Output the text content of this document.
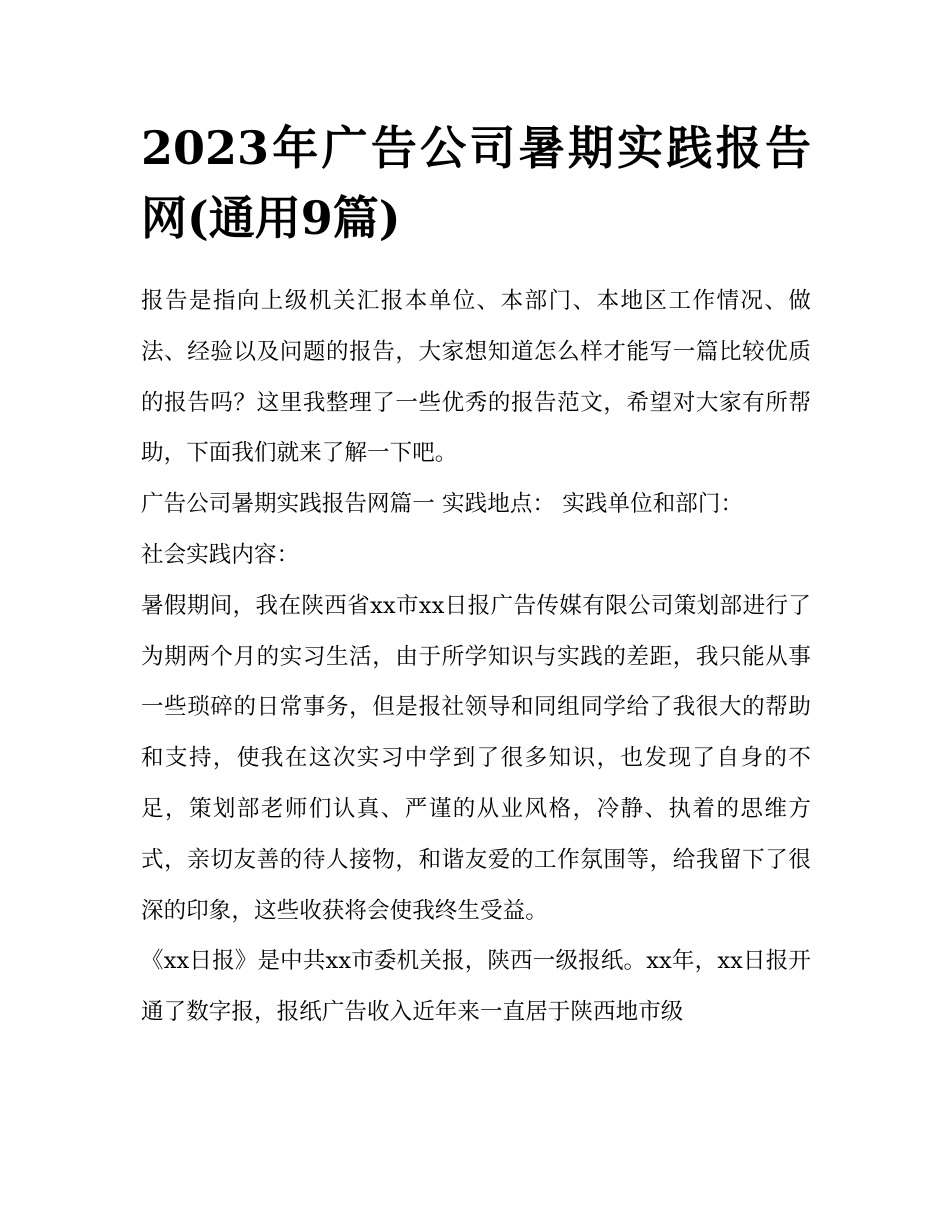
2023年广告公司暑期实践报告网(通用9篇)

报告是指向上级机关汇报本单位、本部门、本地区工作情况、做法、经验以及问题的报告，大家想知道怎么样才能写一篇比较优质的报告吗？这里我整理了一些优秀的报告范文，希望对大家有所帮助，下面我们就来了解一下吧。

广告公司暑期实践报告网篇一 实践地点： 实践单位和部门：

社会实践内容：

暑假期间，我在陕西省xx市xx日报广告传媒有限公司策划部进行了为期两个月的实习生活，由于所学知识与实践的差距，我只能从事一些琐碎的日常事务，但是报社领导和同组同学给了我很大的帮助和支持，使我在这次实习中学到了很多知识，也发现了自身的不足，策划部老师们认真、严谨的从业风格，冷静、执着的思维方式，亲切友善的待人接物，和谐友爱的工作氛围等，给我留下了很深的印象，这些收获将会使我终生受益。

《xx日报》是中共xx市委机关报，陕西一级报纸。xx年，xx日报开通了数字报，报纸广告收入近年来一直居于陕西地市级
